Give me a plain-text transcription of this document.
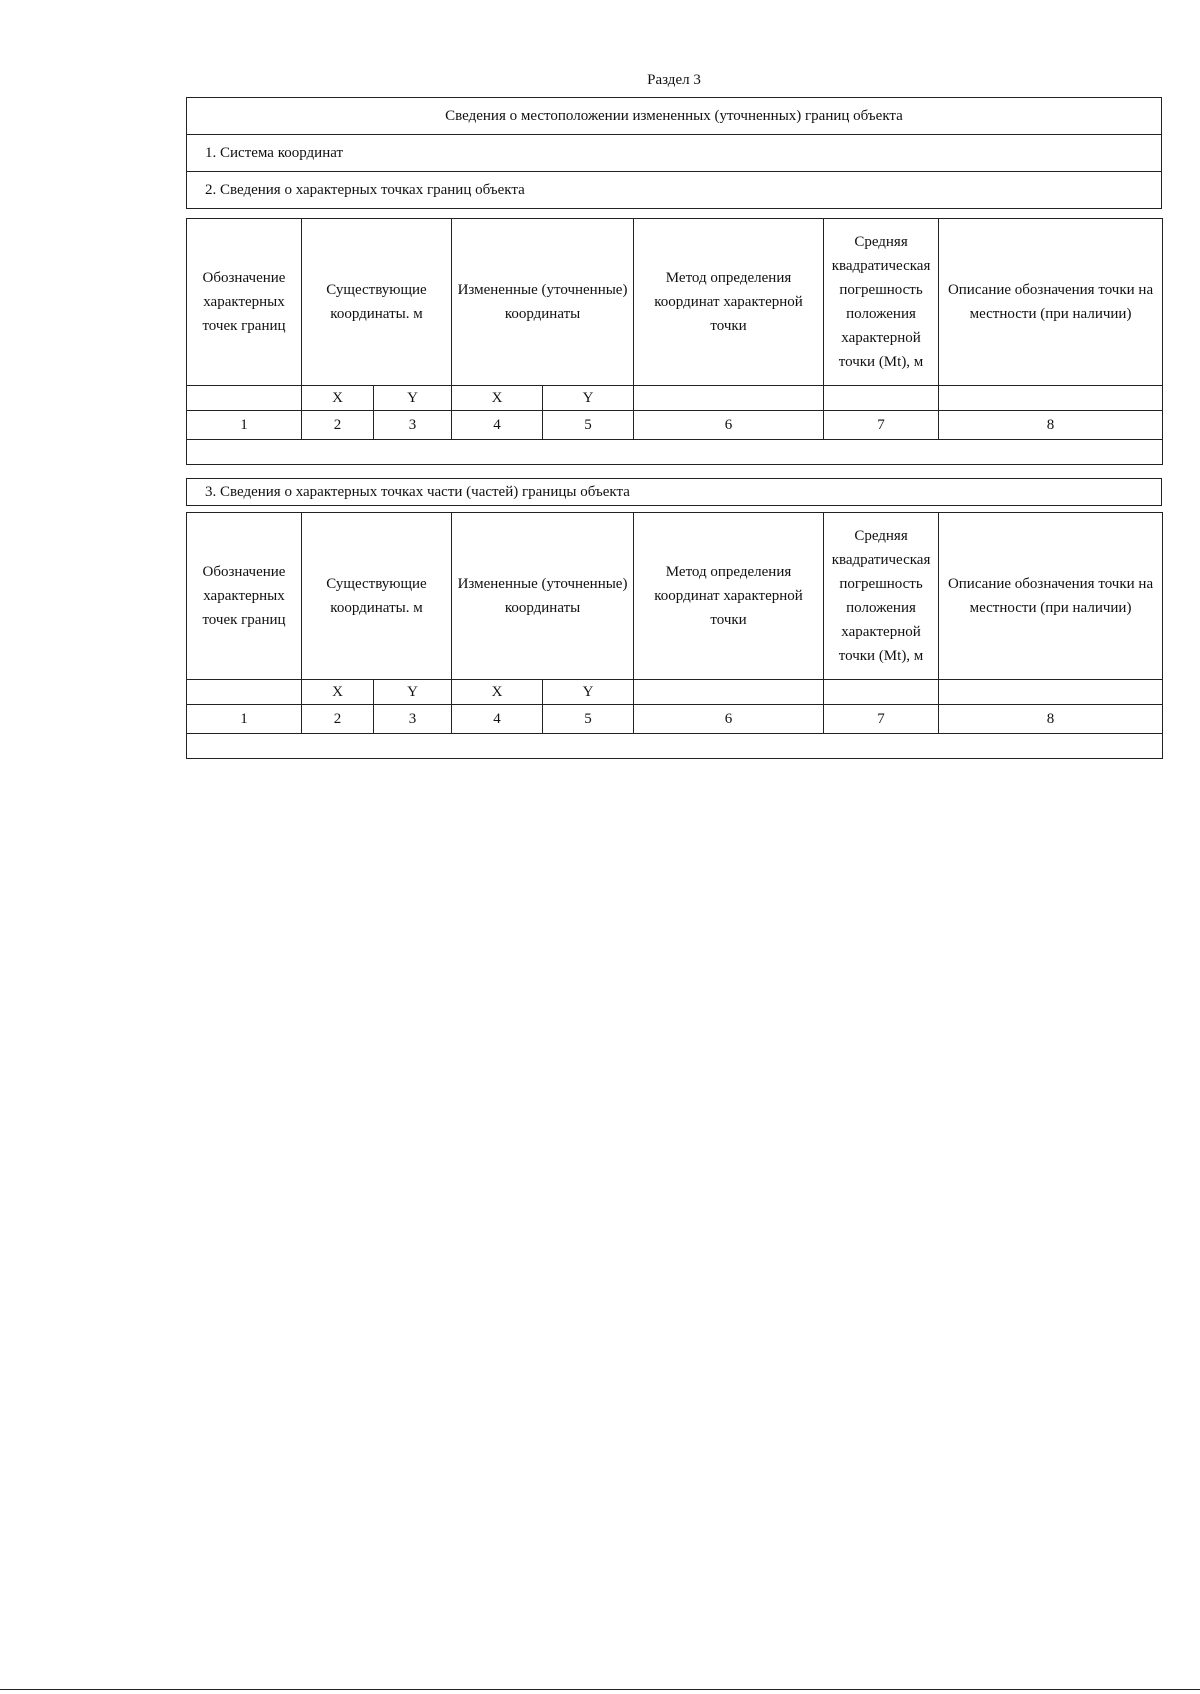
Раздел 3
Сведения о местоположении измененных (уточненных) границ объекта
1. Система координат
2. Сведения о характерных точках границ объекта
Обозначение характерных точек границ	Существующие координаты. м		Измененные (уточненные) координаты		Метод определения координат характерной точки	Средняя квадратическая погрешность положения характерной точки (Mt), м	Описание обозначения точки на местности (при наличии)
	X	Y	X	Y			
1	2	3	4	5	6	7	8

3. Сведения о характерных точках части (частей) границы объекта
Обозначение характерных точек границ	Существующие координаты. м		Измененные (уточненные) координаты		Метод определения координат характерной точки	Средняя квадратическая погрешность положения характерной точки (Mt), м	Описание обозначения точки на местности (при наличии)
	X	Y	X	Y			
1	2	3	4	5	6	7	8
